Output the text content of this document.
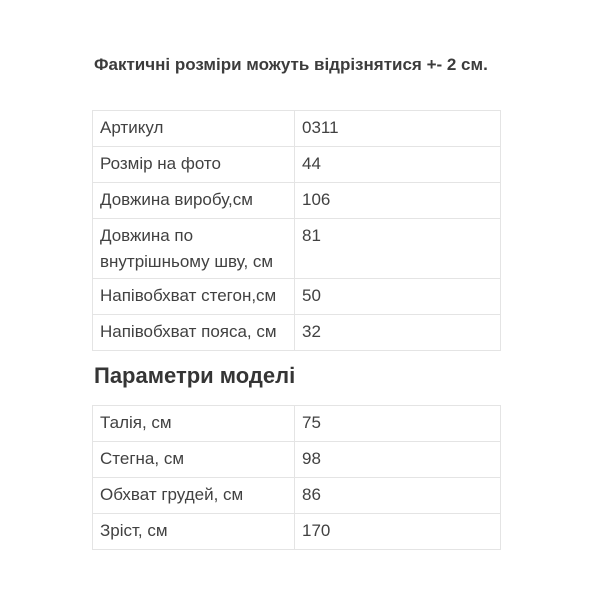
Фактичні розміри можуть відрізнятися +- 2 см.

Артикул	0311
Розмір на фото	44
Довжина виробу,см	106
Довжина по внутрішньому шву, см	81
Напівобхват стегон,см	50
Напівобхват пояса, см	32
Параметри моделі
Талія, см	75
Стегна, см	98
Обхват грудей, см	86
Зріст, см	170
